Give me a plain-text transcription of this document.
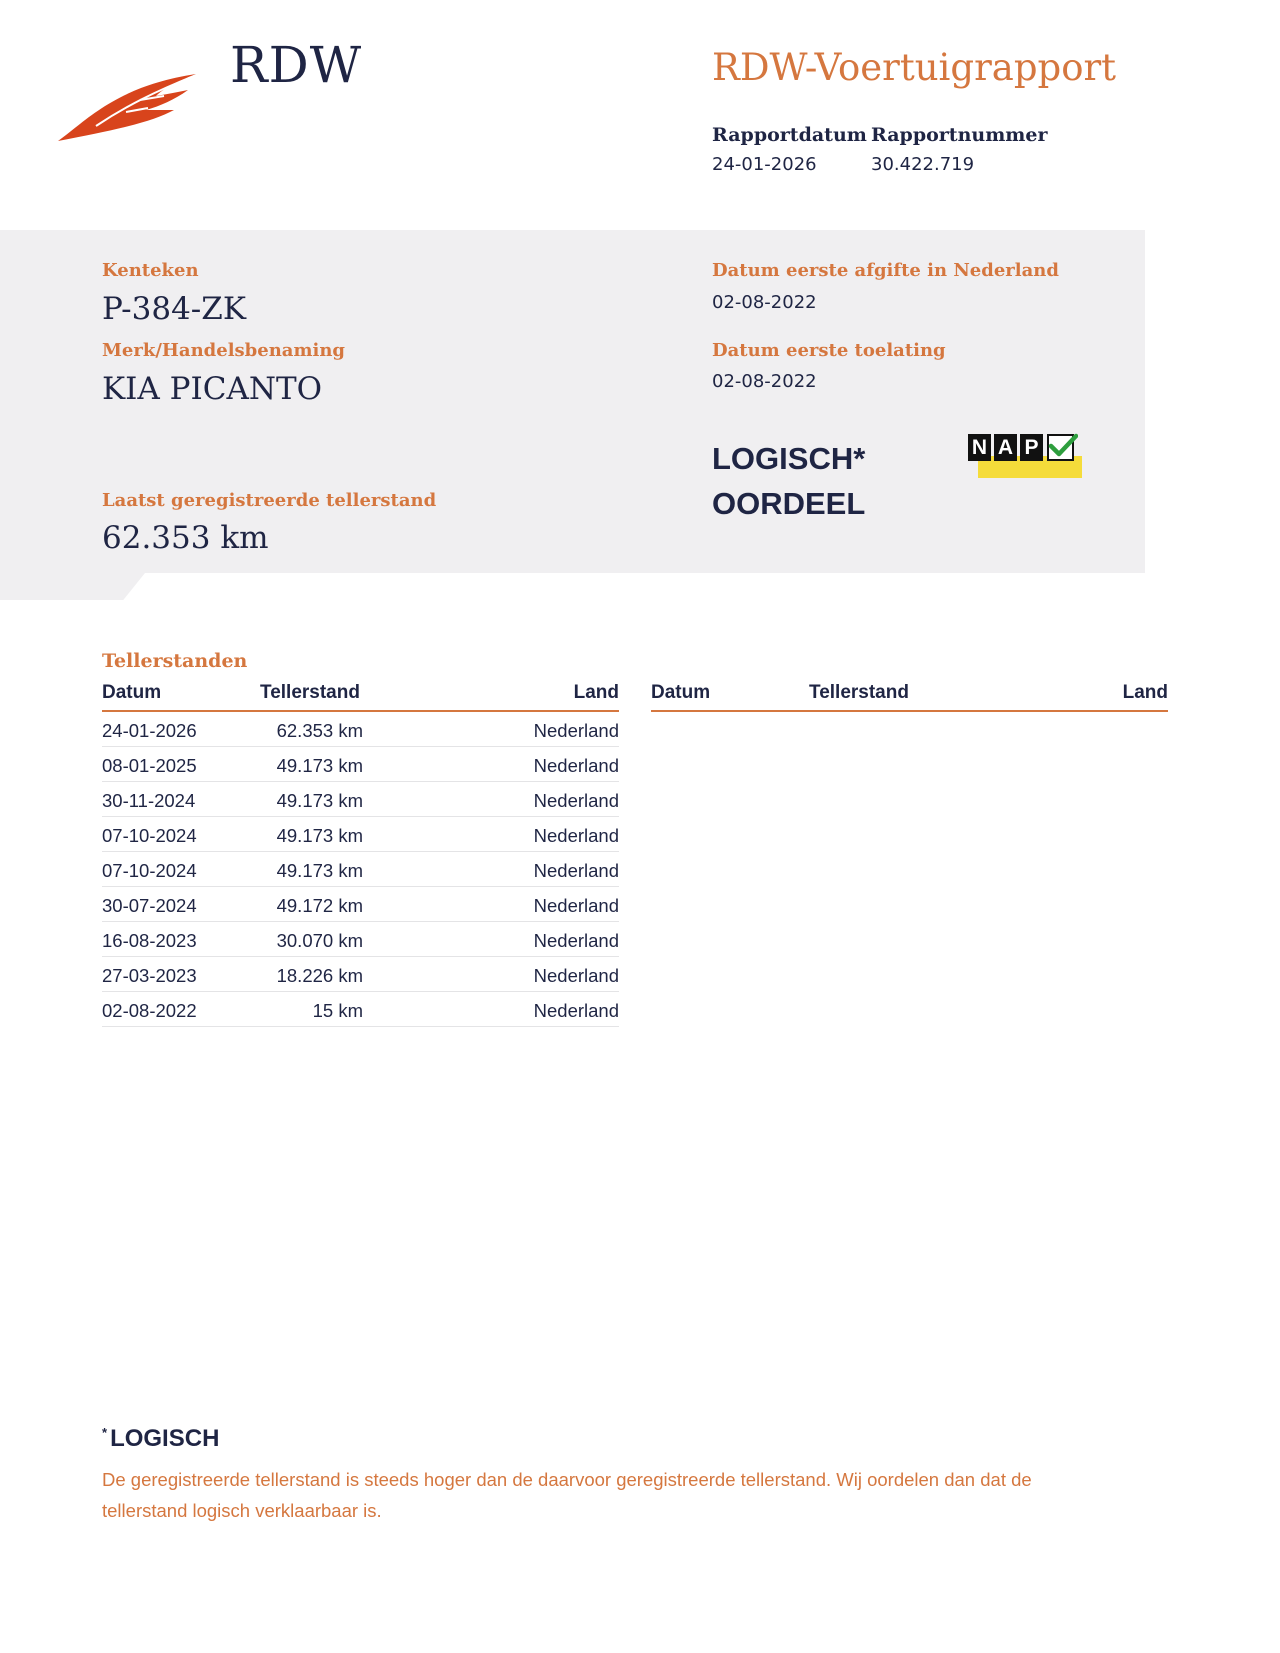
RDW	RDW-Voertuigrapport
Rapportdatum
24-01-2026
Rapportnummer
30.422.719
Kenteken
P-384-ZK
Merk/Handelsbenaming
KIA PICANTO
Laatst geregistreerde tellerstand
62.353 km
Datum eerste afgifte in Nederland
02-08-2022
Datum eerste toelating
02-08-2022
LOGISCH*
OORDEEL
N A P
Tellerstanden
Datum	Tellerstand	Land
24-01-2026	62.353 km	Nederland
08-01-2025	49.173 km	Nederland
30-11-2024	49.173 km	Nederland
07-10-2024	49.173 km	Nederland
07-10-2024	49.173 km	Nederland
30-07-2024	49.172 km	Nederland
16-08-2023	30.070 km	Nederland
27-03-2023	18.226 km	Nederland
02-08-2022	15 km	Nederland
Datum	Tellerstand	Land
* LOGISCH
De geregistreerde tellerstand is steeds hoger dan de daarvoor geregistreerde tellerstand. Wij oordelen dan dat de tellerstand logisch verklaarbaar is.
